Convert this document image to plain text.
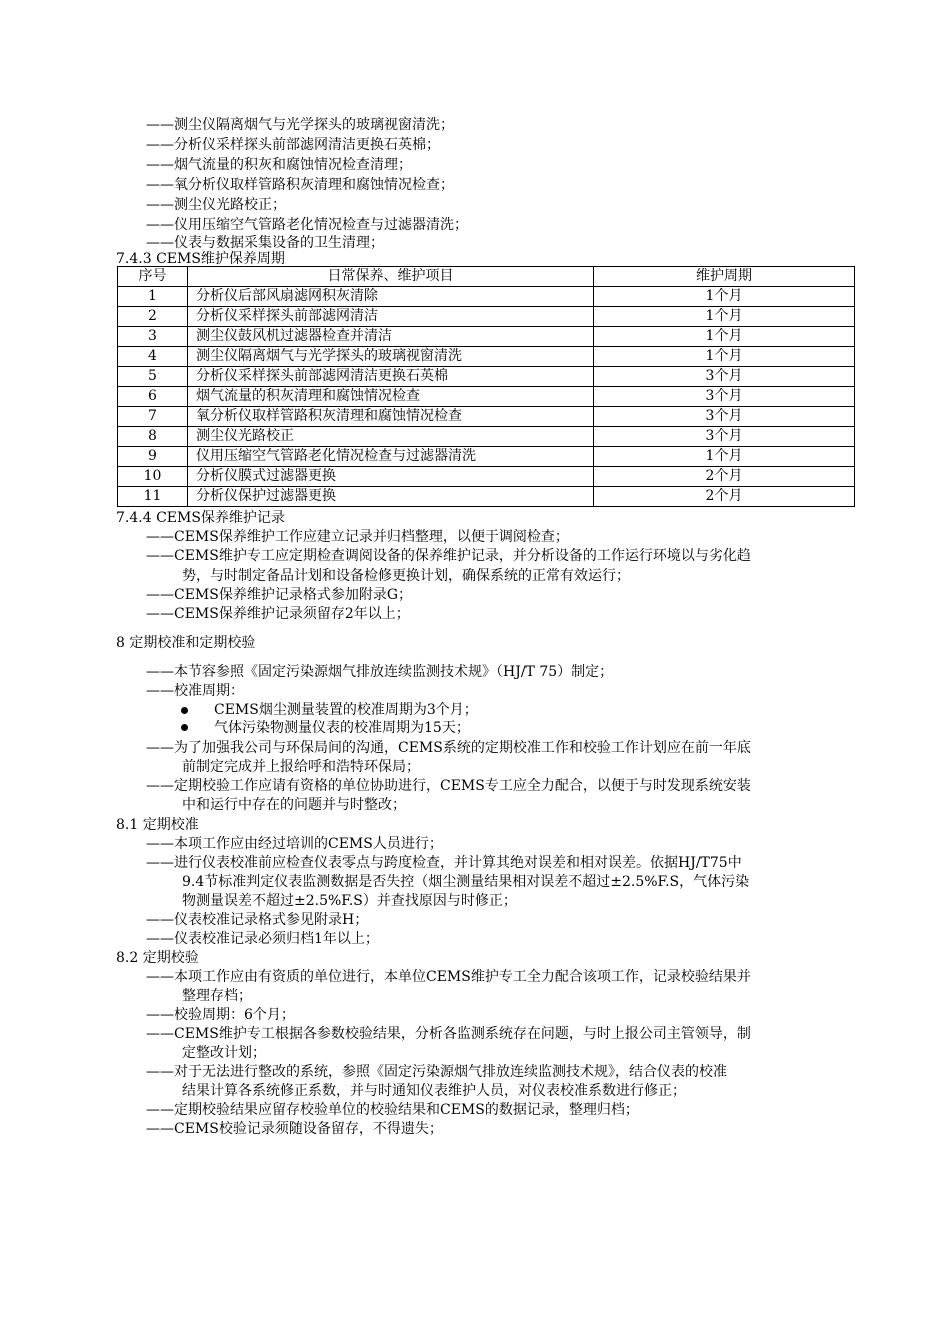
——测尘仪隔离烟气与光学探头的玻璃视窗清洗；
——分析仪采样探头前部滤网清洁更换石英棉；
——烟气流量的积灰和腐蚀情况检查清理；
——氧分析仪取样管路积灰清理和腐蚀情况检查；
——测尘仪光路校正；
——仪用压缩空气管路老化情况检查与过滤器清洗；
——仪表与数据采集设备的卫生清理；
7.4.3 CEMS维护保养周期
序号	日常保养、维护项目	维护周期
1	分析仪后部风扇滤网积灰清除	1个月
2	分析仪采样探头前部滤网清洁	1个月
3	测尘仪鼓风机过滤器检查并清洁	1个月
4	测尘仪隔离烟气与光学探头的玻璃视窗清洗	1个月
5	分析仪采样探头前部滤网清洁更换石英棉	3个月
6	烟气流量的积灰清理和腐蚀情况检查	3个月
7	氧分析仪取样管路积灰清理和腐蚀情况检查	3个月
8	测尘仪光路校正	3个月
9	仪用压缩空气管路老化情况检查与过滤器清洗	1个月
10	分析仪膜式过滤器更换	2个月
11	分析仪保护过滤器更换	2个月
7.4.4 CEMS保养维护记录
——CEMS保养维护工作应建立记录并归档整理，以便于调阅检查；
——CEMS维护专工应定期检查调阅设备的保养维护记录，并分析设备的工作运行环境以与劣化趋
势，与时制定备品计划和设备检修更换计划，确保系统的正常有效运行；
——CEMS保养维护记录格式参加附录G；
——CEMS保养维护记录须留存2年以上；
8 定期校准和定期校验
——本节容参照《固定污染源烟气排放连续监测技术规》（HJ/T 75）制定；
——校准周期：
CEMS烟尘测量装置的校准周期为3个月；
气体污染物测量仪表的校准周期为15天；
——为了加强我公司与环保局间的沟通，CEMS系统的定期校准工作和校验工作计划应在前一年底
前制定完成并上报给呼和浩特环保局；
——定期校验工作应请有资格的单位协助进行，CEMS专工应全力配合，以便于与时发现系统安装
中和运行中存在的问题并与时整改；
8.1 定期校准
——本项工作应由经过培训的CEMS人员进行；
——进行仪表校准前应检查仪表零点与跨度检查，并计算其绝对误差和相对误差。依据HJ/T75中
9.4节标准判定仪表监测数据是否失控（烟尘测量结果相对误差不超过±2.5%F.S，气体污染
物测量误差不超过±2.5%F.S）并查找原因与时修正；
——仪表校准记录格式参见附录H；
——仪表校准记录必须归档1年以上；
8.2 定期校验
——本项工作应由有资质的单位进行，本单位CEMS维护专工全力配合该项工作，记录校验结果并
整理存档；
——校验周期：6个月；
——CEMS维护专工根据各参数校验结果，分析各监测系统存在问题，与时上报公司主管领导，制
定整改计划；
——对于无法进行整改的系统，参照《固定污染源烟气排放连续监测技术规》，结合仪表的校准
结果计算各系统修正系数，并与时通知仪表维护人员，对仪表校准系数进行修正；
——定期校验结果应留存校验单位的校验结果和CEMS的数据记录，整理归档；
——CEMS校验记录须随设备留存，不得遗失；
